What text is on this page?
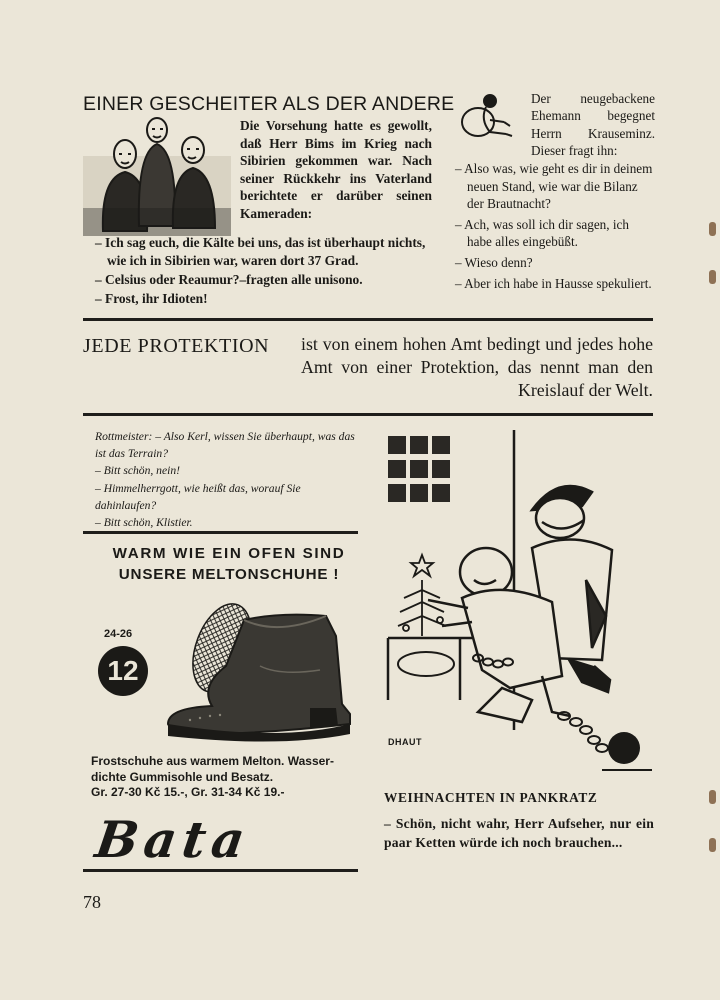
EINER GESCHEITER ALS DER ANDERE
Die Vorsehung hatte es gewollt, daß Herr Bims im Krieg nach Sibirien gekommen war. Nach seiner Rückkehr ins Vaterland berichtete er darüber seinen Kameraden:
– Ich sag euch, die Kälte bei uns, das ist überhaupt nichts, wie ich in Sibirien war, waren dort 37 Grad.
– Celsius oder Reaumur?–fragten alle unisono.
– Frost, ihr Idioten!
Der neugebackene Ehemann begegnet Herrn Krauseminz. Dieser fragt ihn:
– Also was, wie geht es dir in deinem neuen Stand, wie war die Bilanz der Brautnacht?
– Ach, was soll ich dir sagen, ich habe alles eingebüßt.
– Wieso denn?
– Aber ich habe in Hausse spekuliert.
JEDE PROTEKTION ist von einem hohen Amt bedingt und jedes hohe Amt von einer Protektion, das nennt man den Kreislauf der Welt.
Rottmeister: – Also Kerl, wissen Sie überhaupt, was das ist das Terrain?
– Bitt schön, nein!
– Himmelherrgott, wie heißt das, worauf Sie dahinlaufen?
– Bitt schön, Klistier.
WARM WIE EIN OFEN SIND
UNSERE MELTONSCHUHE !
24-26
12
Frostschuhe aus warmem Melton. Wasser-
dichte Gummisohle und Besatz.
Gr. 27-30 Kč 15.-, Gr. 31-34 Kč 19.-
Bata
DHAUT
WEIHNACHTEN IN PANKRATZ
– Schön, nicht wahr, Herr Aufseher, nur ein paar Ketten würde ich noch brauchen...
78
